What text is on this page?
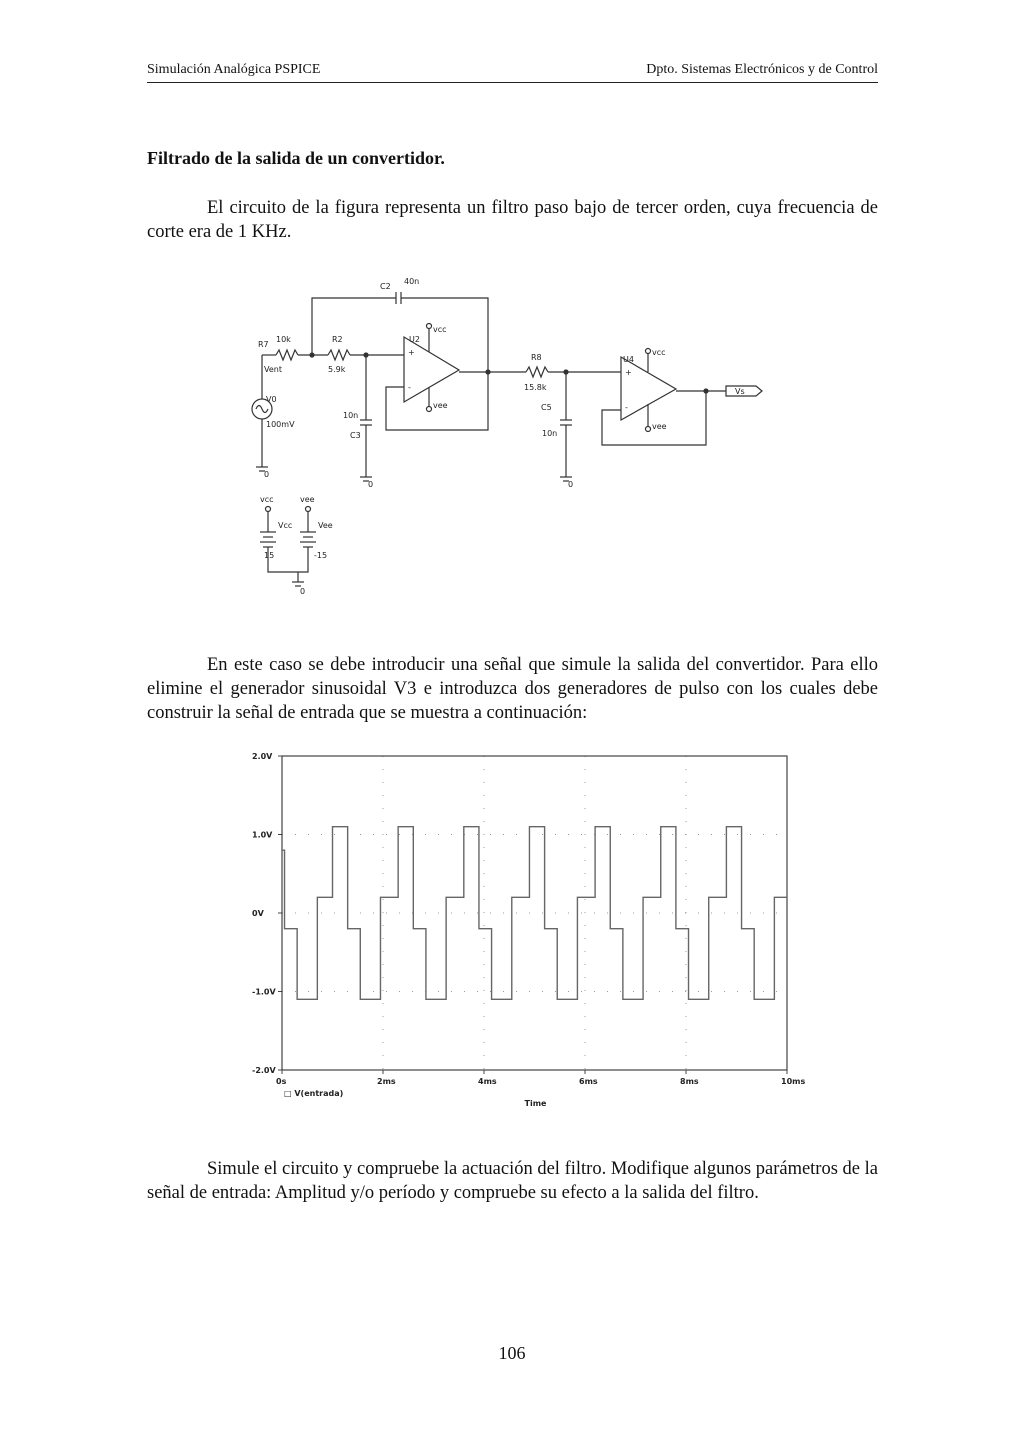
Simulación Analógica PSPICE	Dpto. Sistemas Electrónicos y de Control
Filtrado de la salida de un convertidor.
El circuito de la figura representa un filtro paso bajo de tercer orden, cuya frecuencia de corte era de 1 KHz.
C2
40n
R7
10k
Vent
R2
5.9k
V0
100mV
0
10n
C3
0
+
-
U2
vcc
vee
R8
15.8k
C5
10n
0
+
-
U4
vcc
vee
Vs
vcc	vee
Vcc	Vee
15	-15
0
En este caso se debe introducir una señal que simule la salida del convertidor. Para ello elimine el generador sinusoidal V3 e introduzca dos generadores de pulso con los cuales debe construir la señal de entrada que se muestra a continuación:
0s	2ms	4ms	6ms	8ms	10ms
2.0V
1.0V
0V
-1.0V
-2.0V
□ V(entrada)
Time
Simule el circuito y compruebe la actuación del filtro. Modifique algunos parámetros de la señal de entrada: Amplitud y/o período y compruebe su efecto a la salida del filtro.
106
